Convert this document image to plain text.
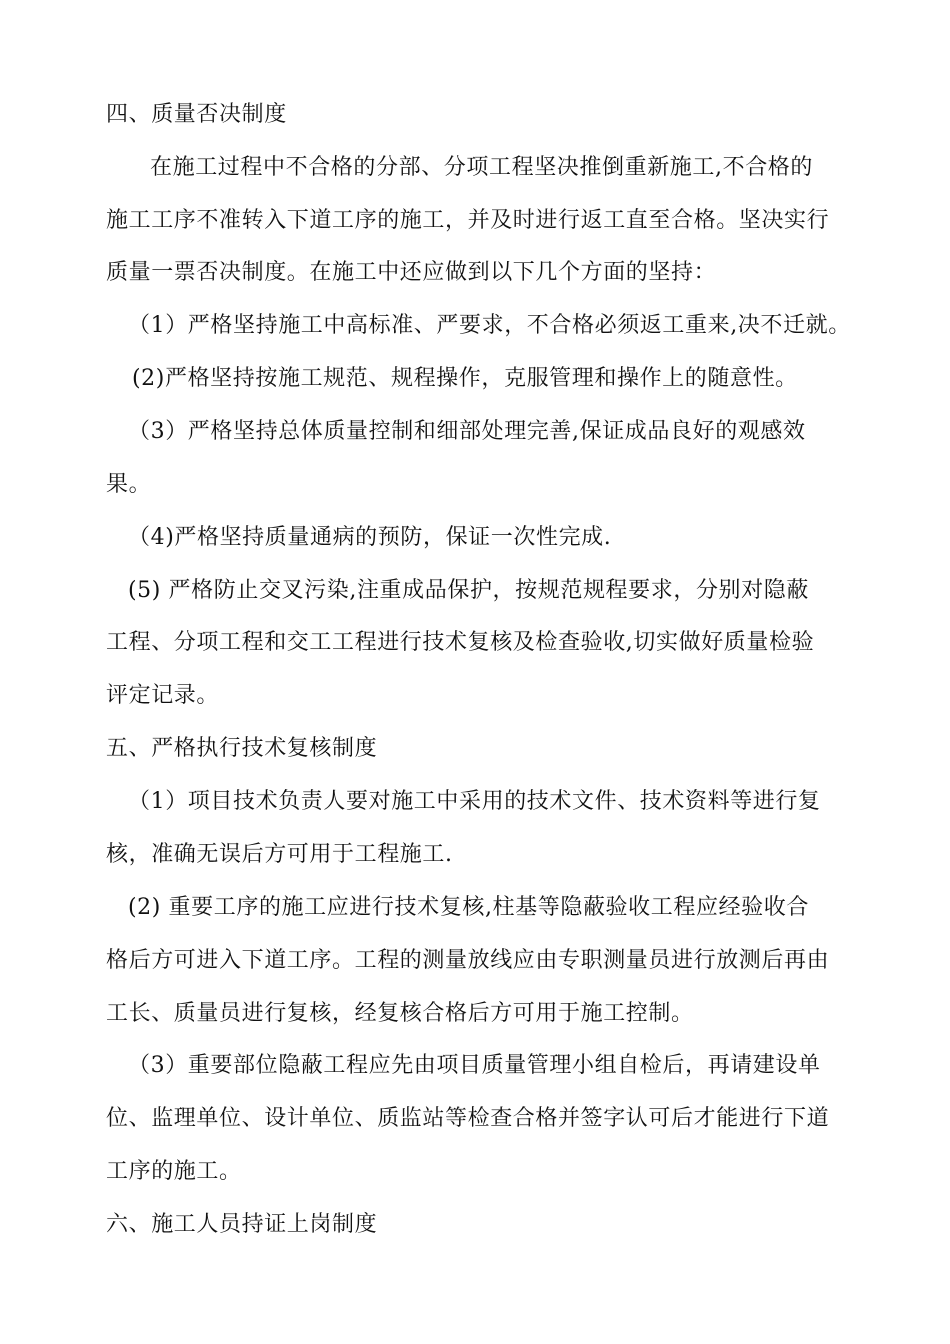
四、质量否决制度
在施工过程中不合格的分部、分项工程坚决推倒重新施工,不合格的
施工工序不准转入下道工序的施工，并及时进行返工直至合格。坚决实行
质量一票否决制度。在施工中还应做到以下几个方面的坚持：
（1）严格坚持施工中高标准、严要求，不合格必须返工重来,决不迁就。
(2)严格坚持按施工规范、规程操作，克服管理和操作上的随意性。
（3）严格坚持总体质量控制和细部处理完善,保证成品良好的观感效
果。
（4)严格坚持质量通病的预防，保证一次性完成.
(5) 严格防止交叉污染,注重成品保护，按规范规程要求，分别对隐蔽
工程、分项工程和交工工程进行技术复核及检查验收,切实做好质量检验
评定记录。
五、严格执行技术复核制度
（1）项目技术负责人要对施工中采用的技术文件、技术资料等进行复
核，准确无误后方可用于工程施工.
(2) 重要工序的施工应进行技术复核,柱基等隐蔽验收工程应经验收合
格后方可进入下道工序。工程的测量放线应由专职测量员进行放测后再由
工长、质量员进行复核，经复核合格后方可用于施工控制。
（3）重要部位隐蔽工程应先由项目质量管理小组自检后，再请建设单
位、监理单位、设计单位、质监站等检查合格并签字认可后才能进行下道
工序的施工。
六、施工人员持证上岗制度
